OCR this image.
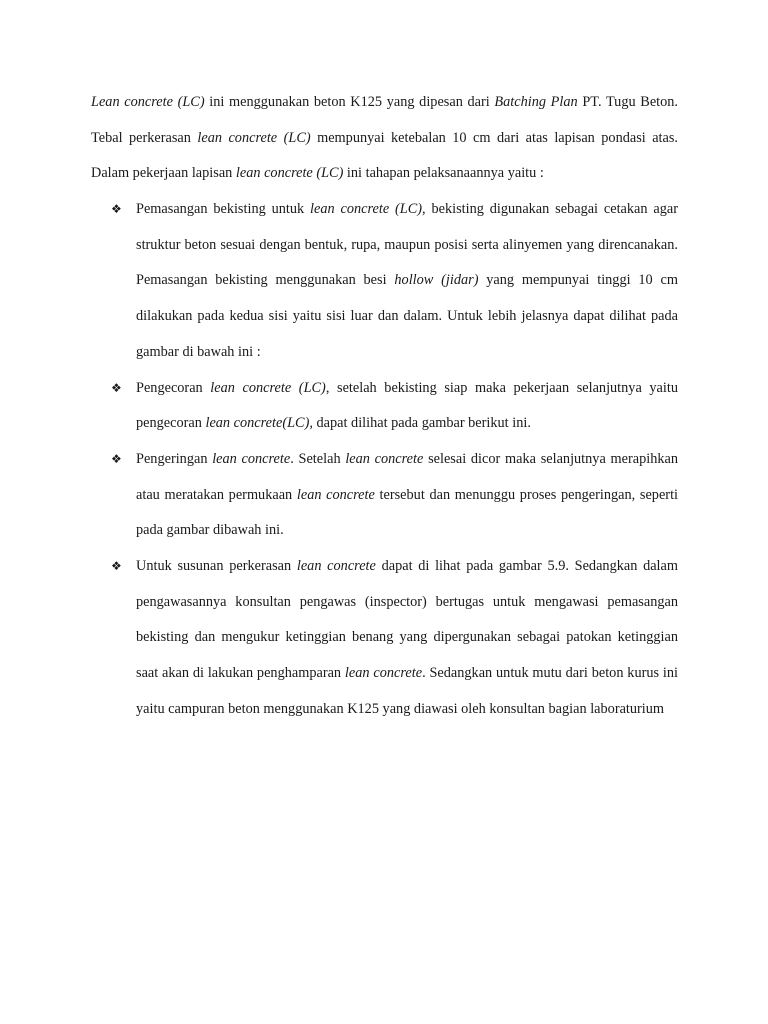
Lean concrete (LC) ini menggunakan beton K125 yang dipesan dari Batching Plan PT. Tugu Beton. Tebal perkerasan lean concrete (LC) mempunyai ketebalan 10 cm dari atas lapisan pondasi atas. Dalam pekerjaan lapisan lean concrete (LC) ini tahapan pelaksanaannya yaitu :

❖ Pemasangan bekisting untuk lean concrete (LC), bekisting digunakan sebagai cetakan agar struktur beton sesuai dengan bentuk, rupa, maupun posisi serta alinyemen yang direncanakan. Pemasangan bekisting menggunakan besi hollow (jidar) yang mempunyai tinggi 10 cm dilakukan pada kedua sisi yaitu sisi luar dan dalam. Untuk lebih jelasnya dapat dilihat pada gambar di bawah ini :
❖ Pengecoran lean concrete (LC), setelah bekisting siap maka pekerjaan selanjutnya yaitu pengecoran lean concrete(LC), dapat dilihat pada gambar berikut ini.
❖ Pengeringan lean concrete. Setelah lean concrete selesai dicor maka selanjutnya merapihkan atau meratakan permukaan lean concrete tersebut dan menunggu proses pengeringan, seperti pada gambar dibawah ini.
❖ Untuk susunan perkerasan lean concrete dapat di lihat pada gambar 5.9. Sedangkan dalam pengawasannya konsultan pengawas (inspector) bertugas untuk mengawasi pemasangan bekisting dan mengukur ketinggian benang yang dipergunakan sebagai patokan ketinggian saat akan di lakukan penghamparan lean concrete. Sedangkan untuk mutu dari beton kurus ini yaitu campuran beton menggunakan K125 yang diawasi oleh konsultan bagian laboraturium
